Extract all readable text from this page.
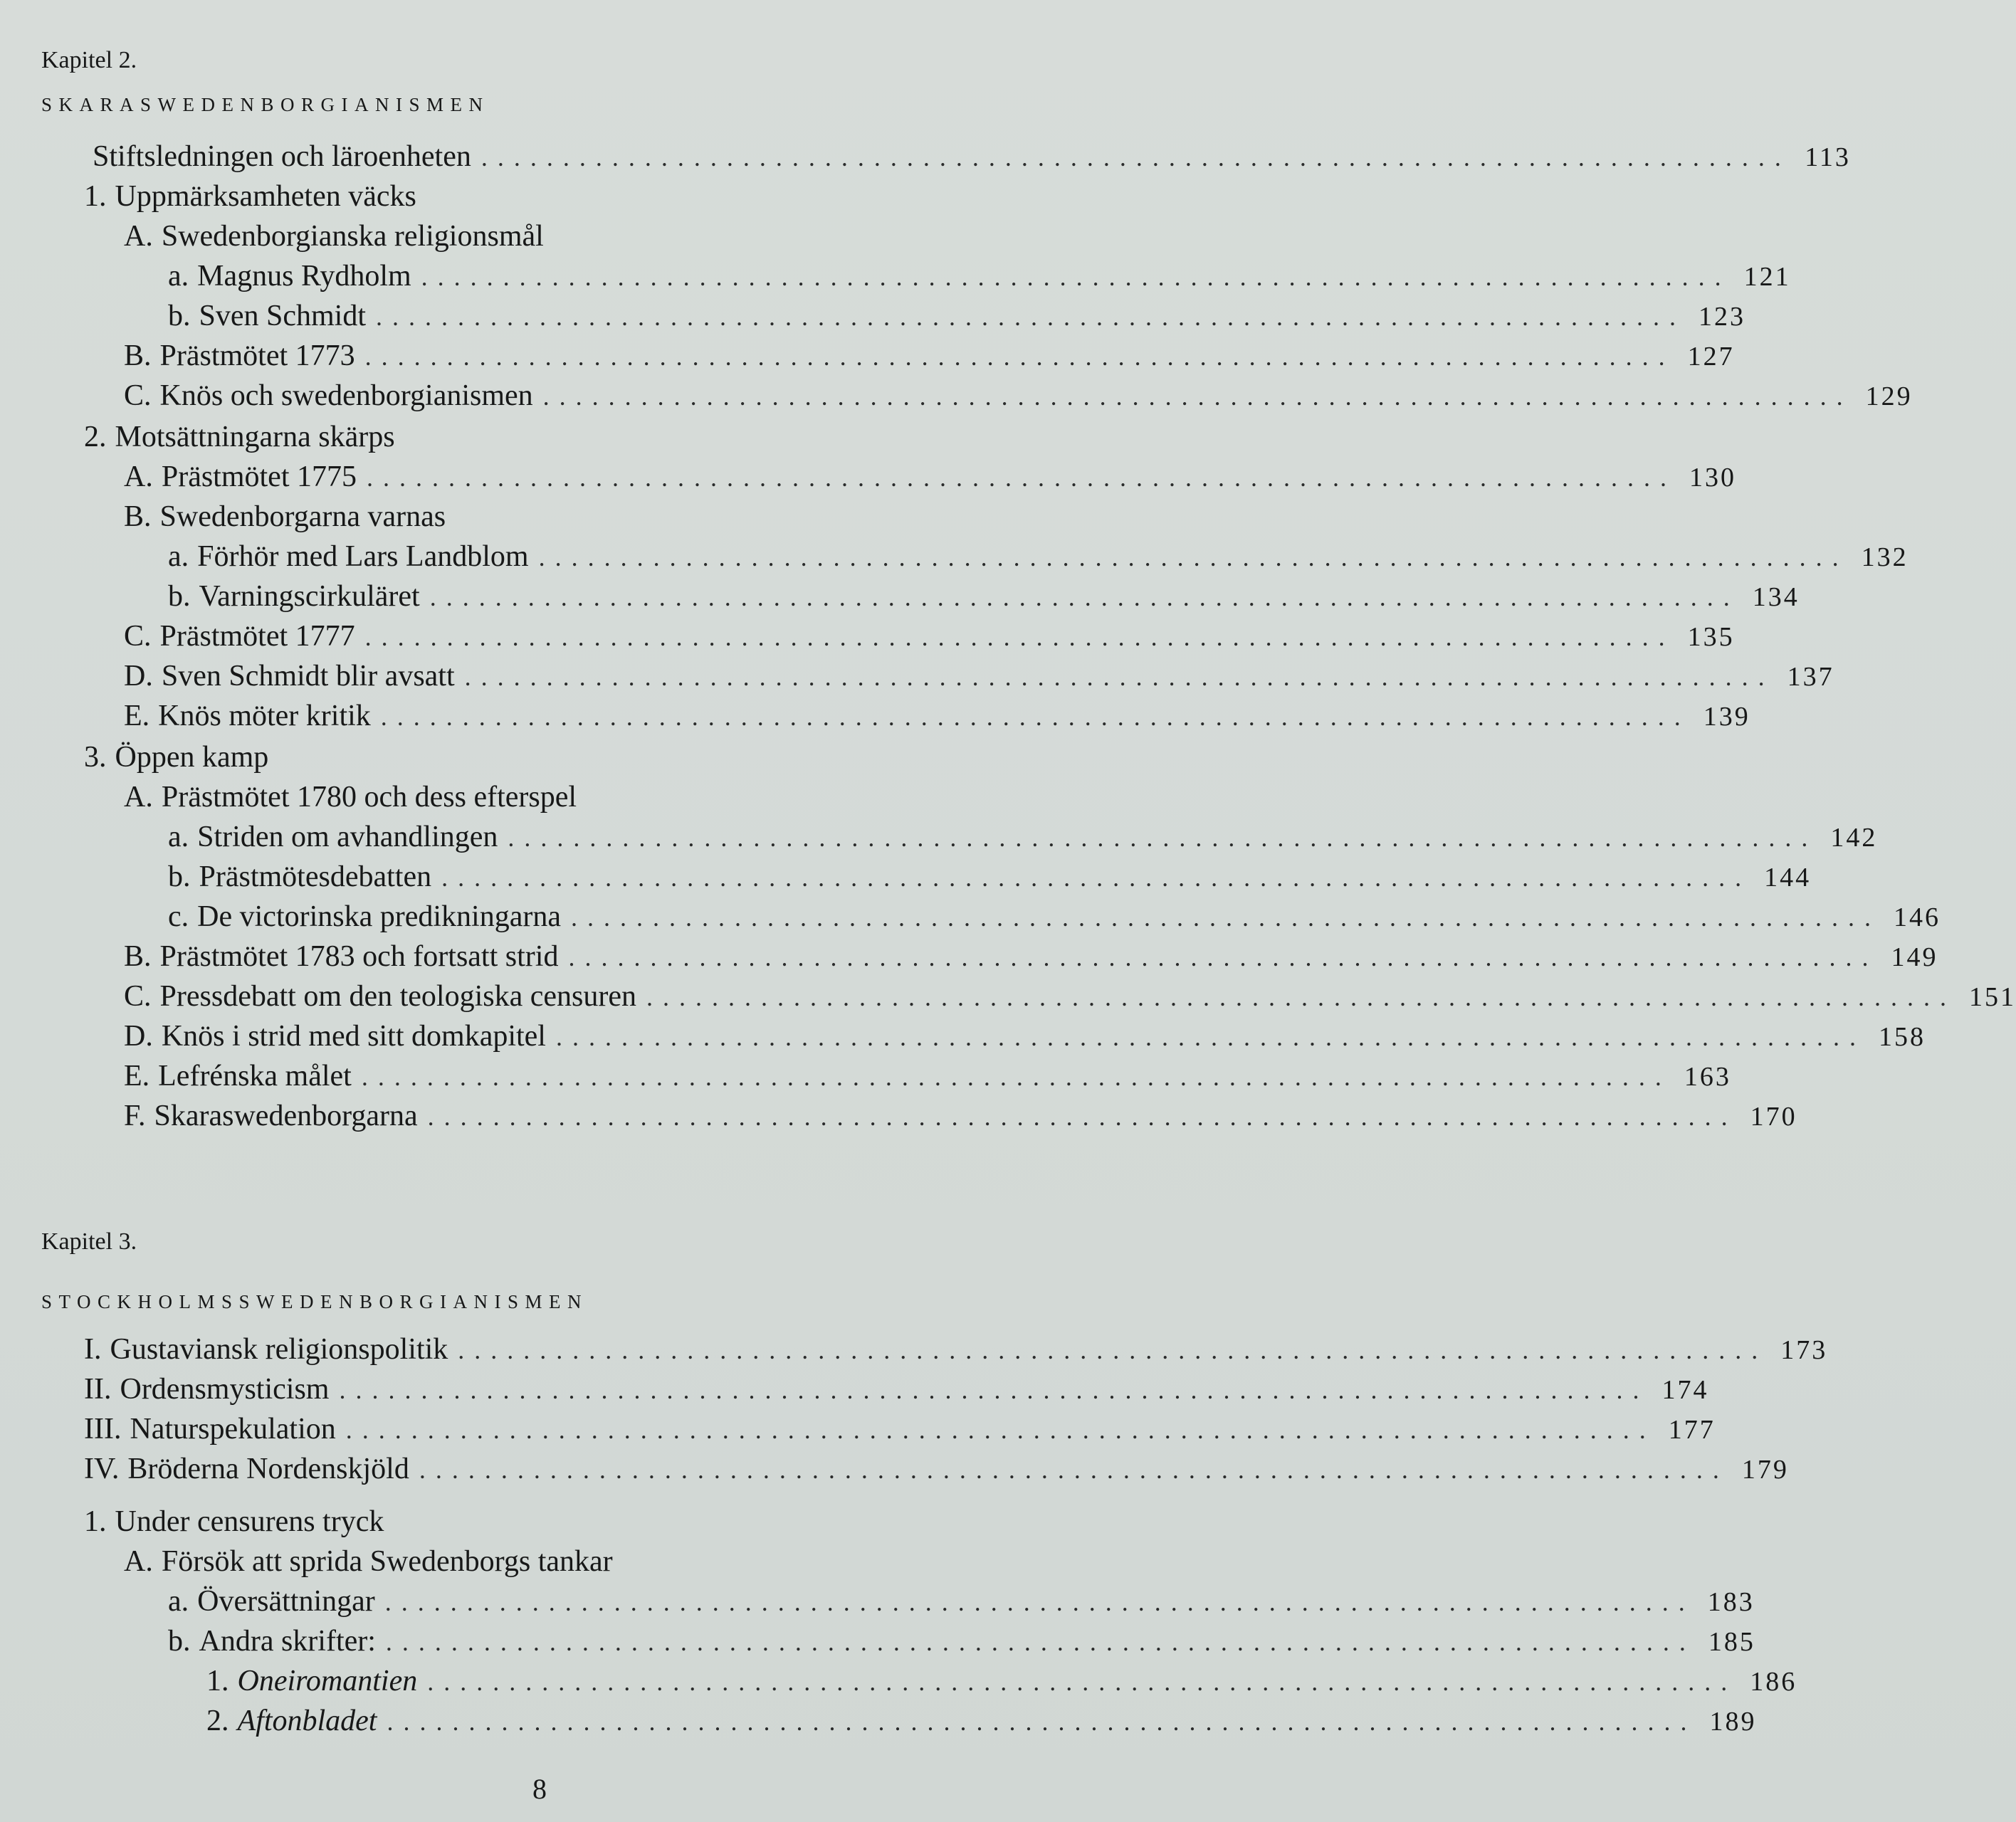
Kapitel 2.
SKARASWEDENBORGIANISMEN
Stiftsledningen och läroenheten ................................................................................ 113
1. Uppmärksamheten väcks
A. Swedenborgianska religionsmål
a. Magnus Rydholm ................................................................................ 121
b. Sven Schmidt ................................................................................ 123
B. Prästmötet 1773 ................................................................................ 127
C. Knös och swedenborgianismen ................................................................................ 129
2. Motsättningarna skärps
A. Prästmötet 1775 ................................................................................ 130
B. Swedenborgarna varnas
a. Förhör med Lars Landblom ................................................................................ 132
b. Varningscirkuläret ................................................................................ 134
C. Prästmötet 1777 ................................................................................ 135
D. Sven Schmidt blir avsatt ................................................................................ 137
E. Knös möter kritik ................................................................................ 139
3. Öppen kamp
A. Prästmötet 1780 och dess efterspel
a. Striden om avhandlingen ................................................................................ 142
b. Prästmötesdebatten ................................................................................ 144
c. De victorinska predikningarna ................................................................................ 146
B. Prästmötet 1783 och fortsatt strid ................................................................................ 149
C. Pressdebatt om den teologiska censuren ................................................................................ 151
D. Knös i strid med sitt domkapitel ................................................................................ 158
E. Lefrénska målet ................................................................................ 163
F. Skaraswedenborgarna ................................................................................ 170
Kapitel 3.
STOCKHOLMSSWEDENBORGIANISMEN
I. Gustaviansk religionspolitik ................................................................................ 173
II. Ordensmysticism ................................................................................ 174
III. Naturspekulation ................................................................................ 177
IV. Bröderna Nordenskjöld ................................................................................ 179
1. Under censurens tryck
A. Försök att sprida Swedenborgs tankar
a. Översättningar ................................................................................ 183
b. Andra skrifter: ................................................................................ 185
1. Oneiromantien ................................................................................ 186
2. Aftonbladet ................................................................................ 189
8
